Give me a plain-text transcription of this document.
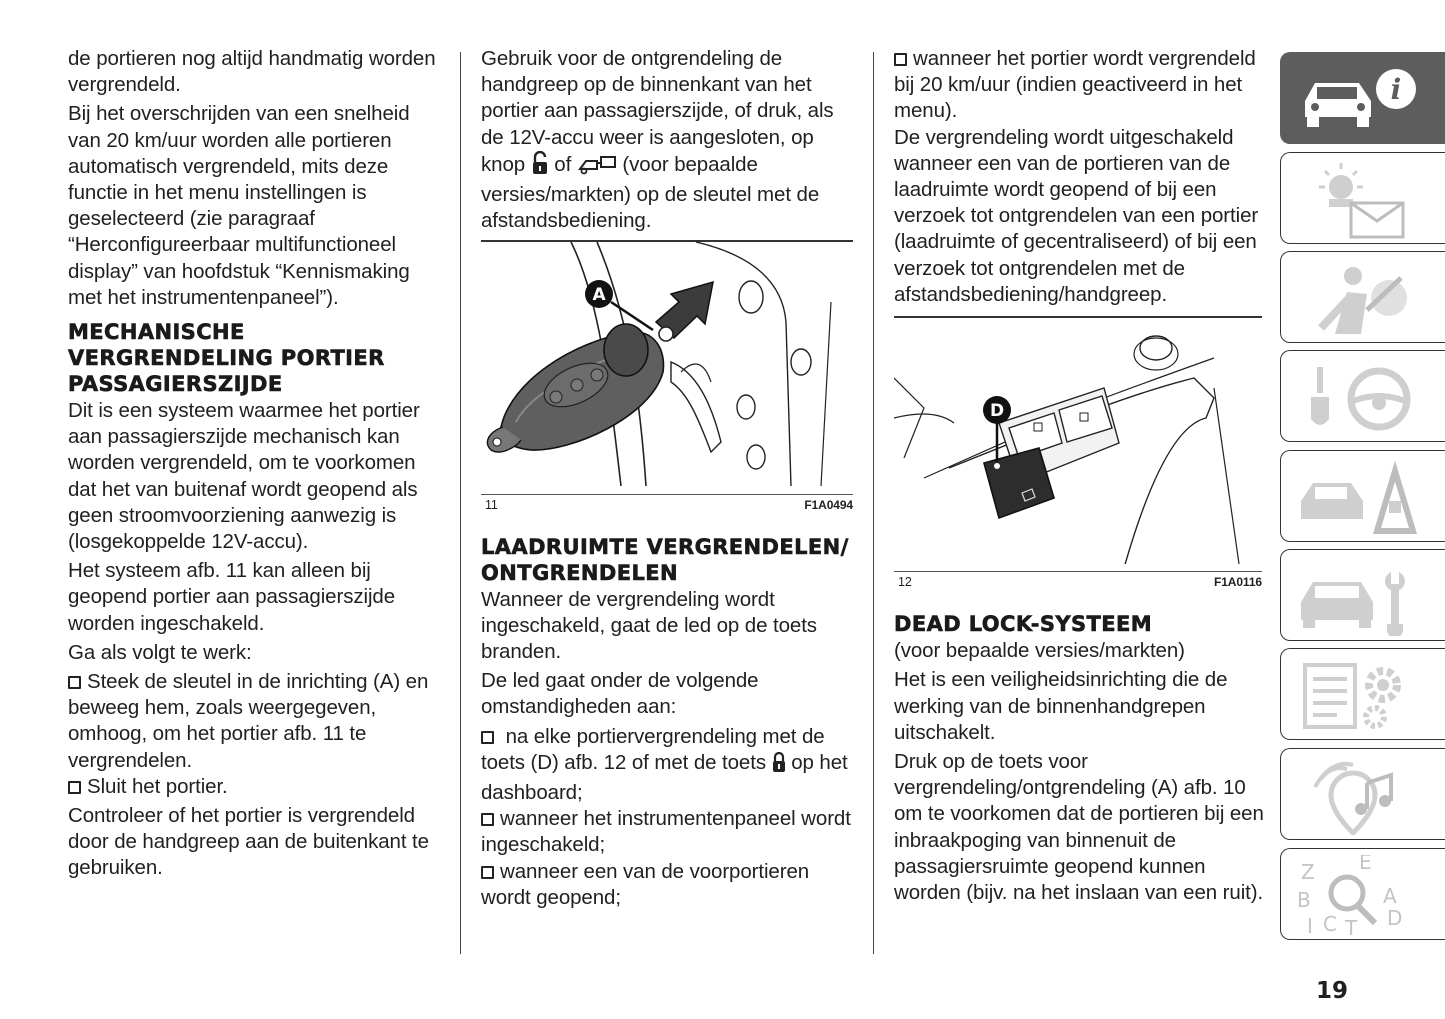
de portieren nog altijd handmatig worden vergrendeld.

Bij het overschrijden van een snelheid van 20 km/uur worden alle portieren automatisch vergrendeld, mits deze functie in het menu instellingen is geselecteerd (zie paragraaf “Herconfigureerbaar multifunctioneel display” van hoofdstuk “Kennismaking met het instrumentenpaneel”).

MECHANISCHE VERGRENDELING PORTIER PASSAGIERSZIJDE

Dit is een systeem waarmee het portier aan passagierszijde mechanisch kan worden vergrendeld, om te voorkomen dat het van buitenaf wordt geopend als geen stroomvoorziening aanwezig is (losgekoppelde 12V-accu).

Het systeem afb. 11 kan alleen bij geopend portier aan passagierszijde worden ingeschakeld.

Ga als volgt te werk:

Steek de sleutel in de inrichting (A) en beweeg hem, zoals weergegeven, omhoog, om het portier afb. 11 te vergrendelen.

Sluit het portier.

Controleer of het portier is vergrendeld door de handgreep aan de buitenkant te gebruiken.

Gebruik voor de ontgrendeling de handgreep op de binnenkant van het portier aan passagierszijde, of druk, als de 12V-accu weer is aangesloten, op knop of (voor bepaalde versies/markten) op de sleutel met de afstandsbediening.

A
11	F1A0494
LAADRUIMTE VERGRENDELEN/ ONTGRENDELEN

Wanneer de vergrendeling wordt ingeschakeld, gaat de led op de toets branden.

De led gaat onder de volgende omstandigheden aan:

na elke portiervergrendeling met de toets (D) afb. 12 of met de toets op het dashboard;

wanneer het instrumentenpaneel wordt ingeschakeld;

wanneer een van de voorportieren wordt geopend;

wanneer het portier wordt vergrendeld bij 20 km/uur (indien geactiveerd in het menu).

De vergrendeling wordt uitgeschakeld wanneer een van de portieren van de laadruimte wordt geopend of bij een verzoek tot ontgrendelen van een portier (laadruimte of gecentraliseerd) of bij een verzoek tot ontgrendelen met de afstandsbediening/handgreep.

D
12	F1A0116
DEAD LOCK-SYSTEEM

(voor bepaalde versies/markten)

Het is een veiligheidsinrichting die de werking van de binnenhandgrepen uitschakelt.

Druk op de toets voor vergrendeling/ontgrendeling (A) afb. 10 om te voorkomen dat de portieren bij een inbraakpoging van binnenuit de passagiersruimte geopend kunnen worden (bijv. na het inslaan van een ruit).

i
Z E
B	A
I C T D
19
